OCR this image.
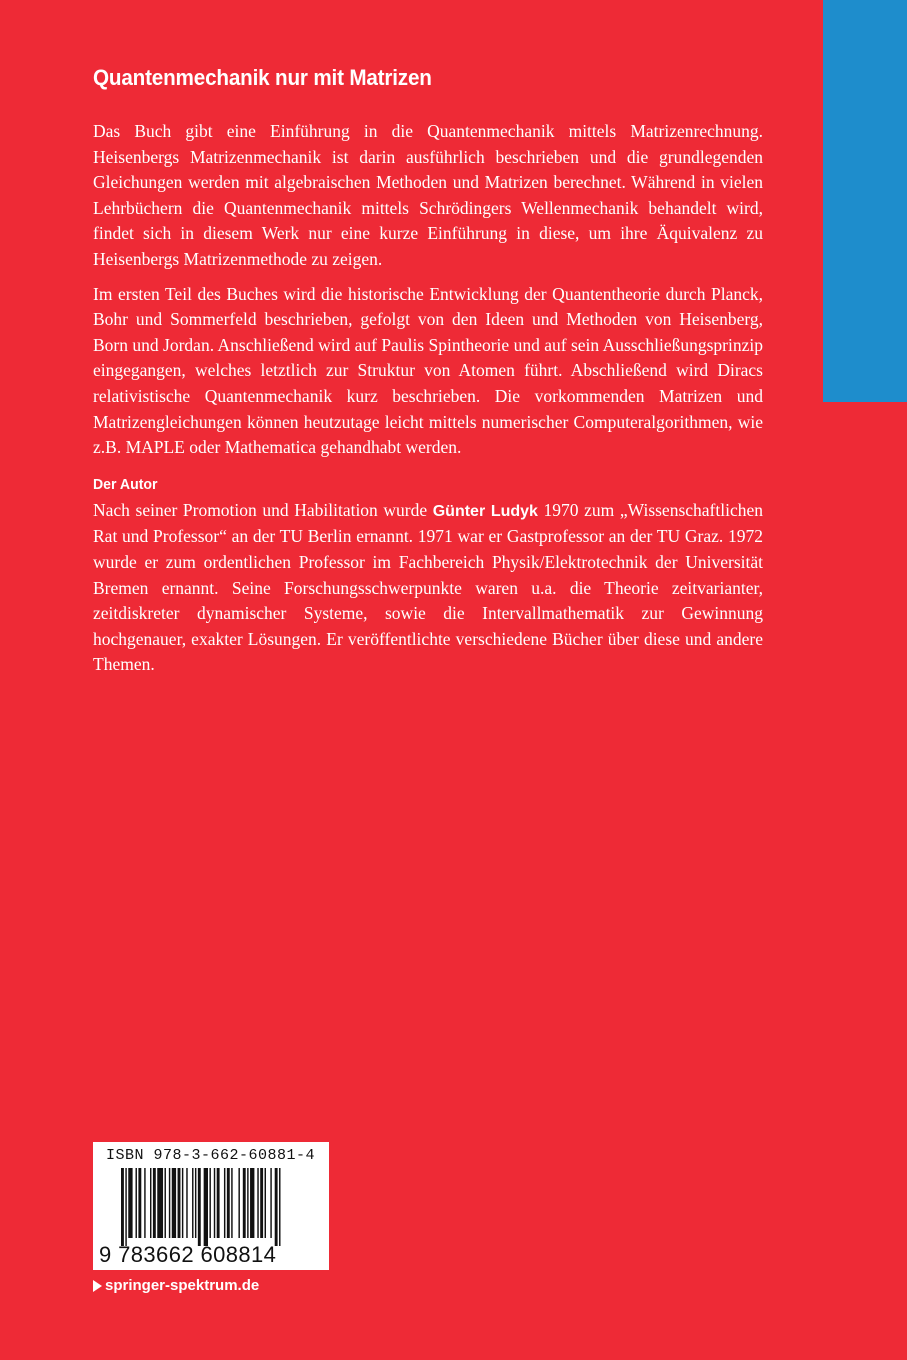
Quantenmechanik nur mit Matrizen

Das Buch gibt eine Einführung in die Quantenmechanik mittels Matrizenrechnung. Heisenbergs Matrizenmechanik ist darin ausführlich beschrieben und die grundlegenden Gleichungen werden mit algebraischen Methoden und Matrizen berechnet. Während in vielen Lehrbüchern die Quantenmechanik mittels Schrödingers Wellenmechanik behandelt wird, findet sich in diesem Werk nur eine kurze Einführung in diese, um ihre Äquivalenz zu Heisenbergs Matrizenmethode zu zeigen.

Im ersten Teil des Buches wird die historische Entwicklung der Quantentheorie durch Planck, Bohr und Sommerfeld beschrieben, gefolgt von den Ideen und Methoden von Heisenberg, Born und Jordan. Anschließend wird auf Paulis Spintheorie und auf sein Ausschließungsprinzip eingegangen, welches letztlich zur Struktur von Atomen führt. Abschließend wird Diracs relativistische Quantenmechanik kurz beschrieben. Die vorkommenden Matrizen und Matrizengleichungen können heutzutage leicht mittels numerischer Computeralgorithmen, wie z.B. MAPLE oder Mathematica gehandhabt werden.

Der Autor

Nach seiner Promotion und Habilitation wurde Günter Ludyk 1970 zum „Wissenschaftlichen Rat und Professor“ an der TU Berlin ernannt. 1971 war er Gastprofessor an der TU Graz. 1972 wurde er zum ordentlichen Professor im Fachbereich Physik/​Elektrotechnik der Universität Bremen ernannt. Seine Forschungsschwerpunkte waren u.a. die Theorie zeitvarianter, zeitdiskreter dynamischer Systeme, sowie die Intervallmathematik zur Gewinnung hochgenauer, exakter Lösungen. Er veröffentlichte verschiedene Bücher über diese und andere Themen.

ISBN 978-3-662-60881-4
9 783662 608814
springer-spektrum.de
